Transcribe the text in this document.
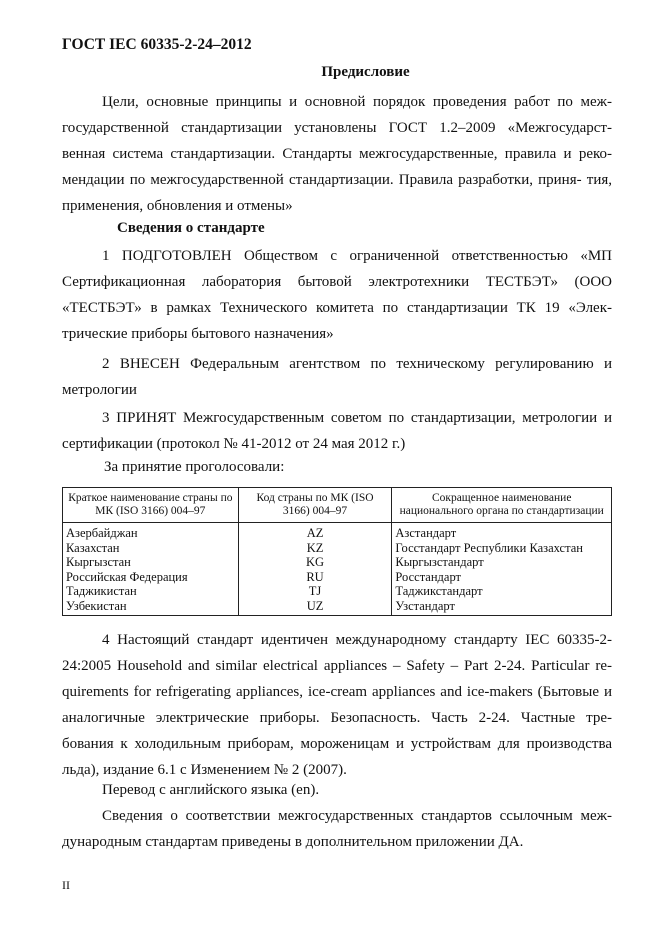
ГОСТ IEC 60335-2-24–2012
Предисловие

Цели, основные принципы и основной порядок проведения работ по меж- государственной стандартизации установлены ГОСТ 1.2–2009 «Межгосударст- венная система стандартизации. Стандарты межгосударственные, правила и реко- мендации по межгосударственной стандартизации. Правила разработки, приня- тия, применения, обновления и отмены»

Сведения о стандарте

1 ПОДГОТОВЛЕН Обществом с ограниченной ответственностью «МП Сертификационная лаборатория бытовой электротехники ТЕСТБЭТ» (ООО «ТЕСТБЭТ» в рамках Технического комитета по стандартизации ТК 19 «Элек- трические приборы бытового назначения»

2 ВНЕСЕН Федеральным агентством по техническому регулированию и метрологии

3 ПРИНЯТ Межгосударственным советом по стандартизации, метрологии и сертификации (протокол № 41-2012 от 24 мая 2012 г.)

За принятие проголосовали:
Краткое наименование страны по МК (ISO 3166) 004–97	Код страны по МК (ISO 3166) 004–97	Сокращенное наименование национального органа по стандартизации
Азербайджан	AZ	Азстандарт
Казахстан	KZ	Госстандарт Республики Казахстан
Кыргызстан	KG	Кыргызстандарт
Российская Федерация	RU	Росстандарт
Таджикистан	TJ	Таджикстандарт
Узбекистан	UZ	Узстандарт

4 Настоящий стандарт идентичен международному стандарту IEC 60335-2- 24:2005 Household and similar electrical appliances – Safety – Part 2-24. Particular re- quirements for refrigerating appliances, ice-cream appliances and ice-makers (Бытовые и аналогичные электрические приборы. Безопасность. Часть 2-24. Частные тре- бования к холодильным приборам, мороженицам и устройствам для производства льда), издание 6.1 с Изменением № 2 (2007).

Перевод с английского языка (en).

Сведения о соответствии межгосударственных стандартов ссылочным меж- дународным стандартам приведены в дополнительном приложении ДА.

II
